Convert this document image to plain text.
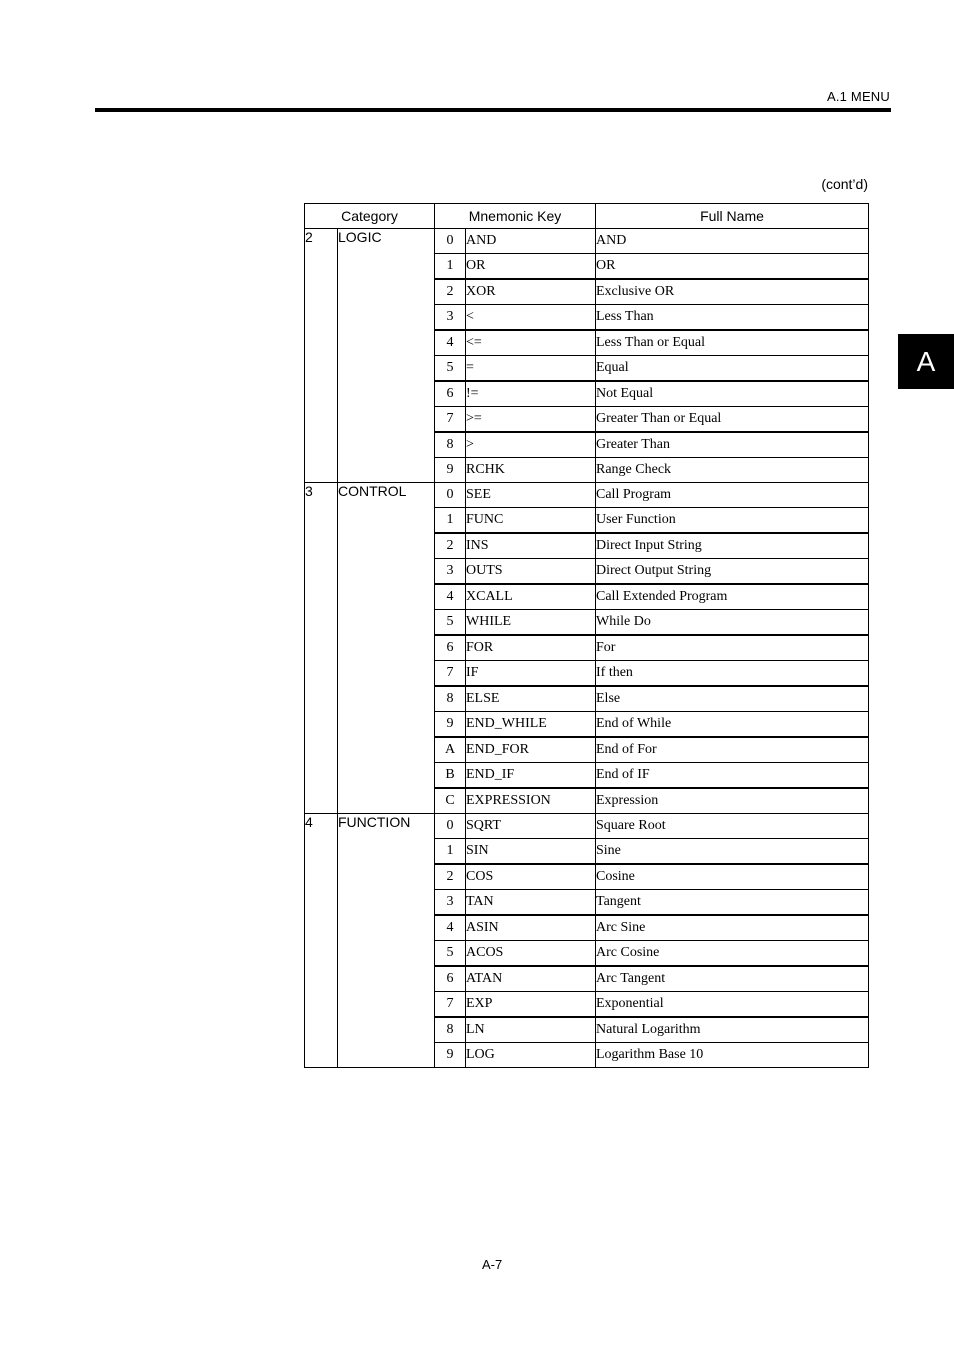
A.1 MENU
A
(cont’d)
Category		Mnemonic Key		Full Name
2	LOGIC	0	AND	AND
		1	OR	OR
		2	XOR	Exclusive OR
		3	<	Less Than
		4	<=	Less Than or Equal
		5	=	Equal
		6	!=	Not Equal
		7	>=	Greater Than or Equal
		8	>	Greater Than
		9	RCHK	Range Check
3	CONTROL	0	SEE	Call Program
		1	FUNC	User Function
		2	INS	Direct Input String
		3	OUTS	Direct Output String
		4	XCALL	Call Extended Program
		5	WHILE	While Do
		6	FOR	For
		7	IF	If then
		8	ELSE	Else
		9	END_WHILE	End of While
		A	END_FOR	End of For
		B	END_IF	End of IF
		C	EXPRESSION	Expression
4	FUNCTION	0	SQRT	Square Root
		1	SIN	Sine
		2	COS	Cosine
		3	TAN	Tangent
		4	ASIN	Arc Sine
		5	ACOS	Arc Cosine
		6	ATAN	Arc Tangent
		7	EXP	Exponential
		8	LN	Natural Logarithm
		9	LOG	Logarithm Base 10
A-7
